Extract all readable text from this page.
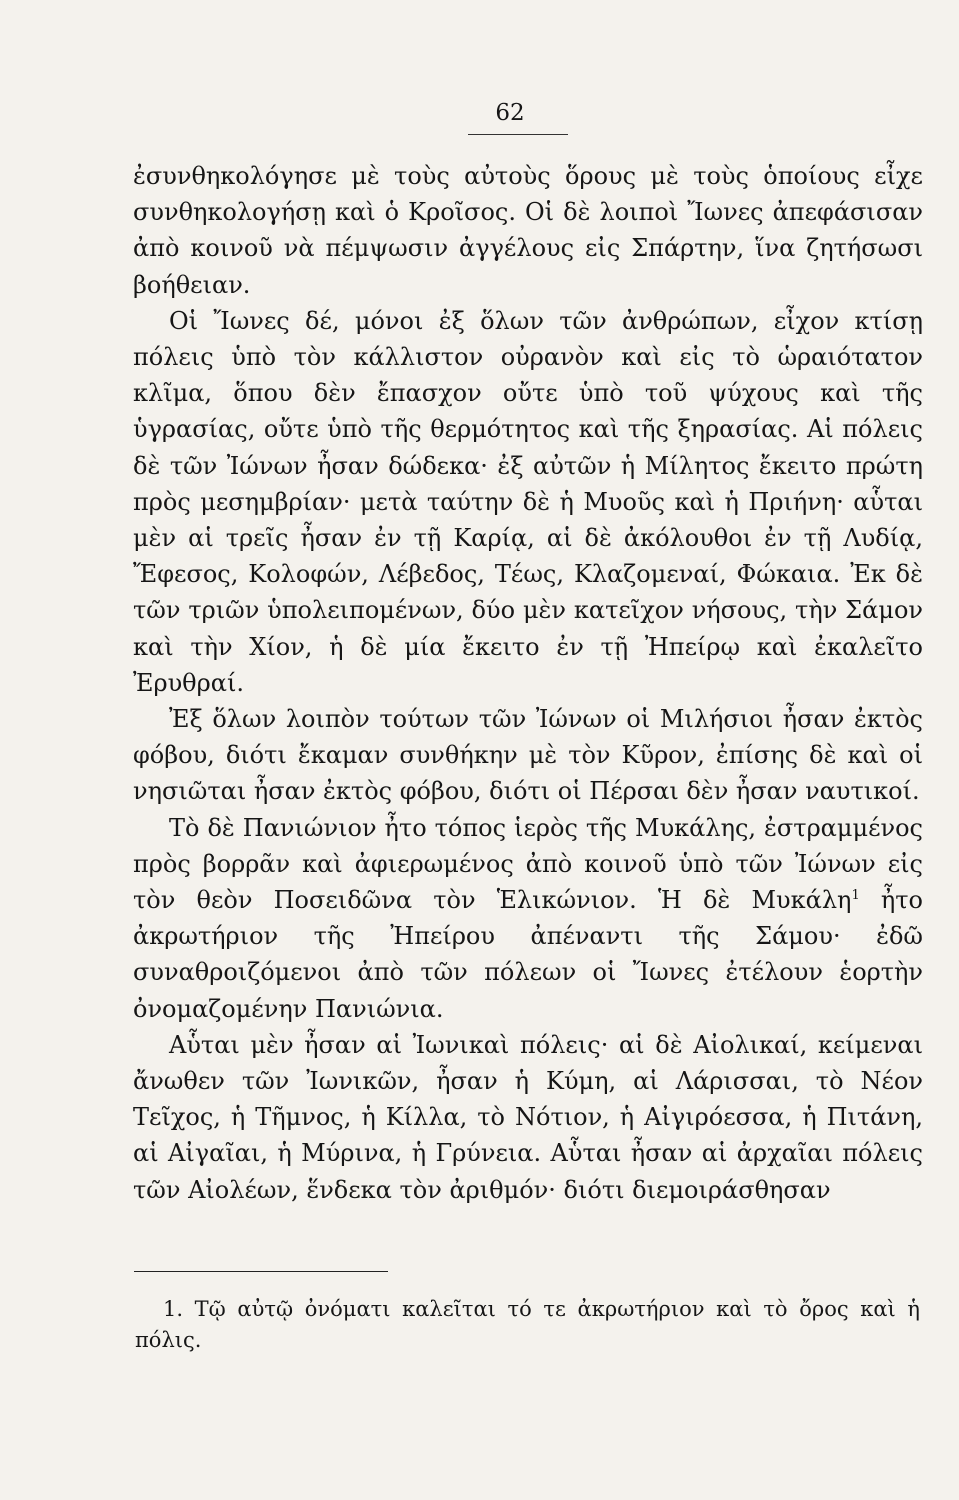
62

ἐσυνθηκολόγησε μὲ τοὺς αὐτοὺς ὅρους μὲ τοὺς ὁποίους εἶχε συνθηκολογήσῃ καὶ ὁ Κροῖσος. Οἱ δὲ λοιποὶ Ἴωνες ἀπεφάσισαν ἀπὸ κοινοῦ νὰ πέμψωσιν ἀγγέλους εἰς Σπάρτην, ἵνα ζητήσωσι βοήθειαν.

Οἱ Ἴωνες δέ, μόνοι ἐξ ὅλων τῶν ἀνθρώπων, εἶχον κτίσῃ πόλεις ὑπὸ τὸν κάλλιστον οὐρανὸν καὶ εἰς τὸ ὡραιότατον κλῖμα, ὅπου δὲν ἔπασχον οὔτε ὑπὸ τοῦ ψύχους καὶ τῆς ὑγρασίας, οὔτε ὑπὸ τῆς θερμότητος καὶ τῆς ξηρασίας. Αἱ πόλεις δὲ τῶν Ἰώνων ἦσαν δώδεκα· ἐξ αὐτῶν ἡ Μίλητος ἔκειτο πρώτη πρὸς μεσημβρίαν· μετὰ ταύτην δὲ ἡ Μυοῦς καὶ ἡ Πριήνη· αὗται μὲν αἱ τρεῖς ἦσαν ἐν τῇ Καρίᾳ, αἱ δὲ ἀκόλουθοι ἐν τῇ Λυδίᾳ, Ἔφεσος, Κολοφών, Λέβεδος, Τέως, Κλαζομεναί, Φώκαια. Ἐκ δὲ τῶν τριῶν ὑπολειπομένων, δύο μὲν κατεῖχον νήσους, τὴν Σάμον καὶ τὴν Χίον, ἡ δὲ μία ἔκειτο ἐν τῇ Ἠπείρῳ καὶ ἐκαλεῖτο Ἐρυθραί.

Ἐξ ὅλων λοιπὸν τούτων τῶν Ἰώνων οἱ Μιλήσιοι ἦσαν ἐκτὸς φόβου, διότι ἔκαμαν συνθήκην μὲ τὸν Κῦρον, ἐπίσης δὲ καὶ οἱ νησιῶται ἦσαν ἐκτὸς φόβου, διότι οἱ Πέρσαι δὲν ἦσαν ναυτικοί.

Τὸ δὲ Πανιώνιον ἦτο τόπος ἱερὸς τῆς Μυκάλης, ἐστραμμένος πρὸς βορρᾶν καὶ ἀφιερωμένος ἀπὸ κοινοῦ ὑπὸ τῶν Ἰώνων εἰς τὸν θεὸν Ποσειδῶνα τὸν Ἑλικώνιον. Ἡ δὲ Μυκάλη$^1$ ἦτο ἀκρωτήριον τῆς Ἠπείρου ἀπέναντι τῆς Σάμου· ἐδῶ συναθροιζόμενοι ἀπὸ τῶν πόλεων οἱ Ἴωνες ἐτέλουν ἑορτὴν ὀνομαζομένην Πανιώνια.

Αὗται μὲν ἦσαν αἱ Ἰωνικαὶ πόλεις· αἱ δὲ Αἰολικαί, κείμεναι ἄνωθεν τῶν Ἰωνικῶν, ἦσαν ἡ Κύμη, αἱ Λάρισσαι, τὸ Νέον Τεῖχος, ἡ Τῆμνος, ἡ Κίλλα, τὸ Νότιον, ἡ Αἰγιρόεσσα, ἡ Πιτάνη, αἱ Αἰγαῖαι, ἡ Μύρινα, ἡ Γρύνεια. Αὗται ἦσαν αἱ ἀρχαῖαι πόλεις τῶν Αἰολέων, ἕνδεκα τὸν ἀριθμόν· διότι διεμοιράσθησαν

1. Τῷ αὐτῷ ὀνόματι καλεῖται τό τε ἀκρωτήριον καὶ τὸ ὄρος καὶ ἡ πόλις.
